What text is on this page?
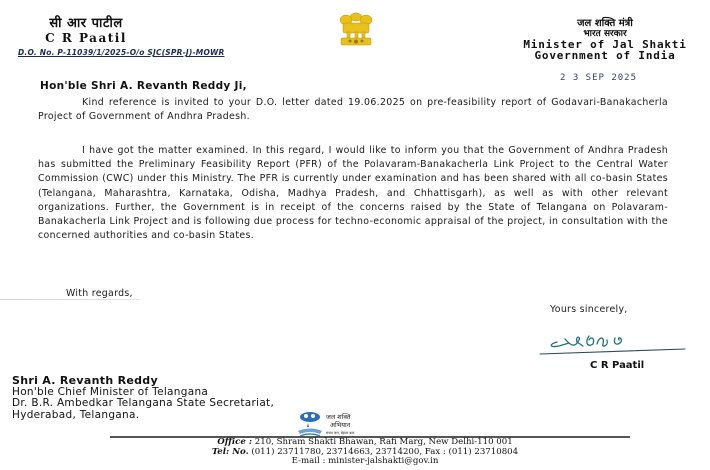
सी आर पाटील
C R Paatil
जल शक्ति मंत्री
भारत सरकार
Minister of Jal Shakti
Government of India
D.O. No. P-11039/1/2025-O/o SJC(SPR-J)-MOWR
2 3 SEP 2025
Hon'ble Shri A. Revanth Reddy Ji,
Kind reference is invited to your D.O. letter dated 19.06.2025 on pre-feasibility report of Godavari-Banakacherla Project of Government of Andhra Pradesh.
I have got the matter examined. In this regard, I would like to inform you that the Government of Andhra Pradesh has submitted the Preliminary Feasibility Report (PFR) of the Polavaram-Banakacherla Link Project to the Central Water Commission (CWC) under this Ministry. The PFR is currently under examination and has been shared with all co-basin States (Telangana, Maharashtra, Karnataka, Odisha, Madhya Pradesh, and Chhattisgarh), as well as with other relevant organizations. Further, the Government is in receipt of the concerns raised by the State of Telangana on Polavaram-Banakacherla Link Project and is following due process for techno-economic appraisal of the project, in consultation with the concerned authorities and co-basin States.
With regards,
Yours sincerely,
C R Paatil
Shri A. Revanth Reddy
Hon'ble Chief Minister of Telangana
Dr. B.R. Ambedkar Telangana State Secretariat,
Hyderabad, Telangana.	जल शक्ति
अभियान
संचय जल, बेहतर कल
Office : 210, Shram Shakti Bhawan, Rafi Marg, New Delhi-110 001
Tel: No. (011) 23711780, 23714663, 23714200, Fax : (011) 23710804
E-mail : minister-jalshakti@gov.in
